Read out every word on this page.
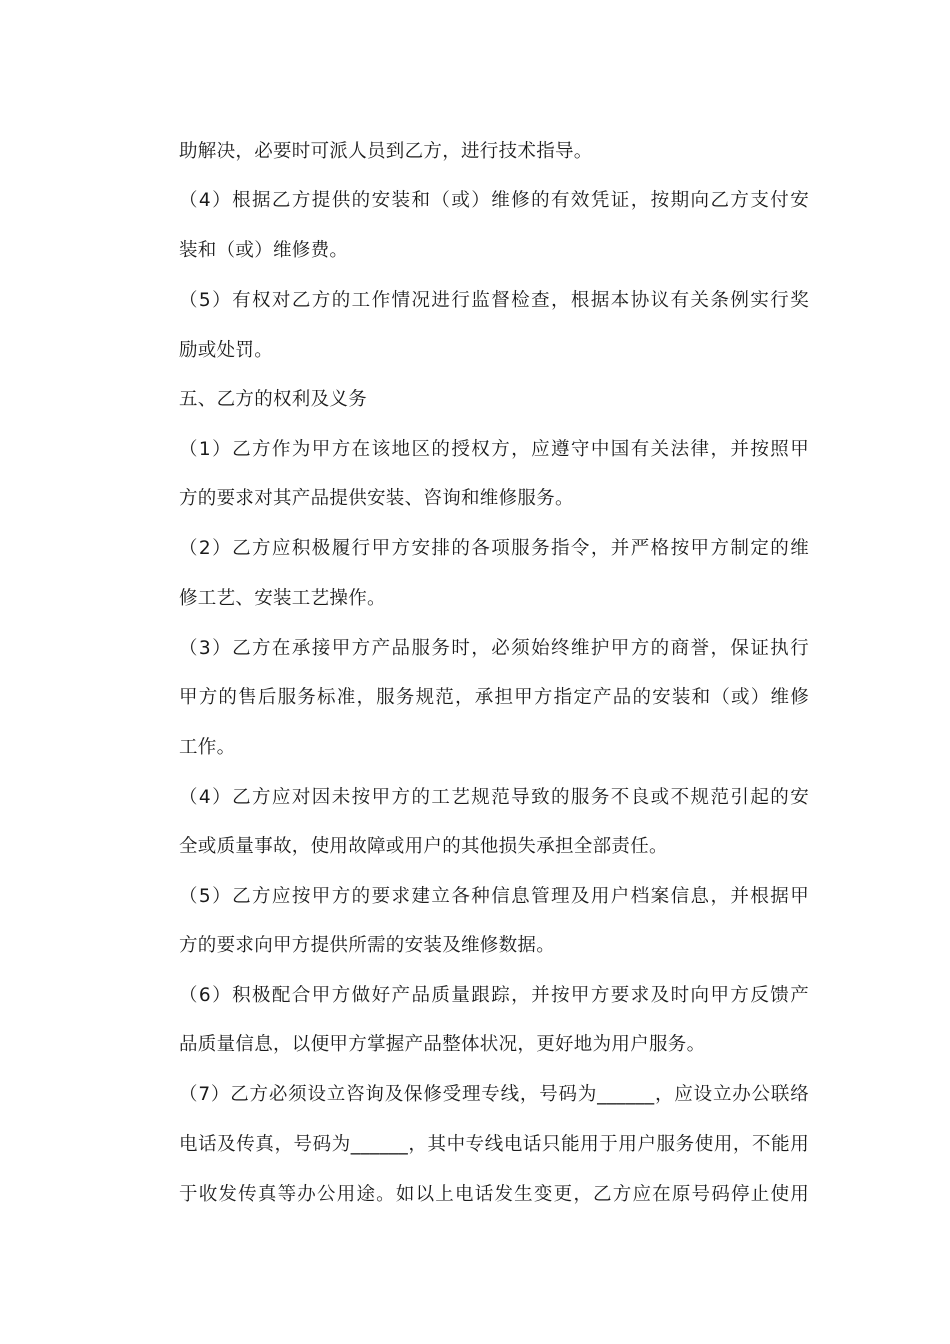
助解决，必要时可派人员到乙方，进行技术指导。
（4）根据乙方提供的安装和（或）维修的有效凭证，按期向乙方支付安
装和（或）维修费。
（5）有权对乙方的工作情况进行监督检查，根据本协议有关条例实行奖
励或处罚。
五、乙方的权利及义务
（1）乙方作为甲方在该地区的授权方，应遵守中国有关法律，并按照甲
方的要求对其产品提供安装、咨询和维修服务。
（2）乙方应积极履行甲方安排的各项服务指令，并严格按甲方制定的维
修工艺、安装工艺操作。
（3）乙方在承接甲方产品服务时，必须始终维护甲方的商誉，保证执行
甲方的售后服务标准，服务规范，承担甲方指定产品的安装和（或）维修
工作。
（4）乙方应对因未按甲方的工艺规范导致的服务不良或不规范引起的安
全或质量事故，使用故障或用户的其他损失承担全部责任。
（5）乙方应按甲方的要求建立各种信息管理及用户档案信息，并根据甲
方的要求向甲方提供所需的安装及维修数据。
（6）积极配合甲方做好产品质量跟踪，并按甲方要求及时向甲方反馈产
品质量信息，以便甲方掌握产品整体状况，更好地为用户服务。
（7）乙方必须设立咨询及保修受理专线，号码为______，应设立办公联络
电话及传真，号码为______，其中专线电话只能用于用户服务使用，不能用
于收发传真等办公用途。如以上电话发生变更，乙方应在原号码停止使用
